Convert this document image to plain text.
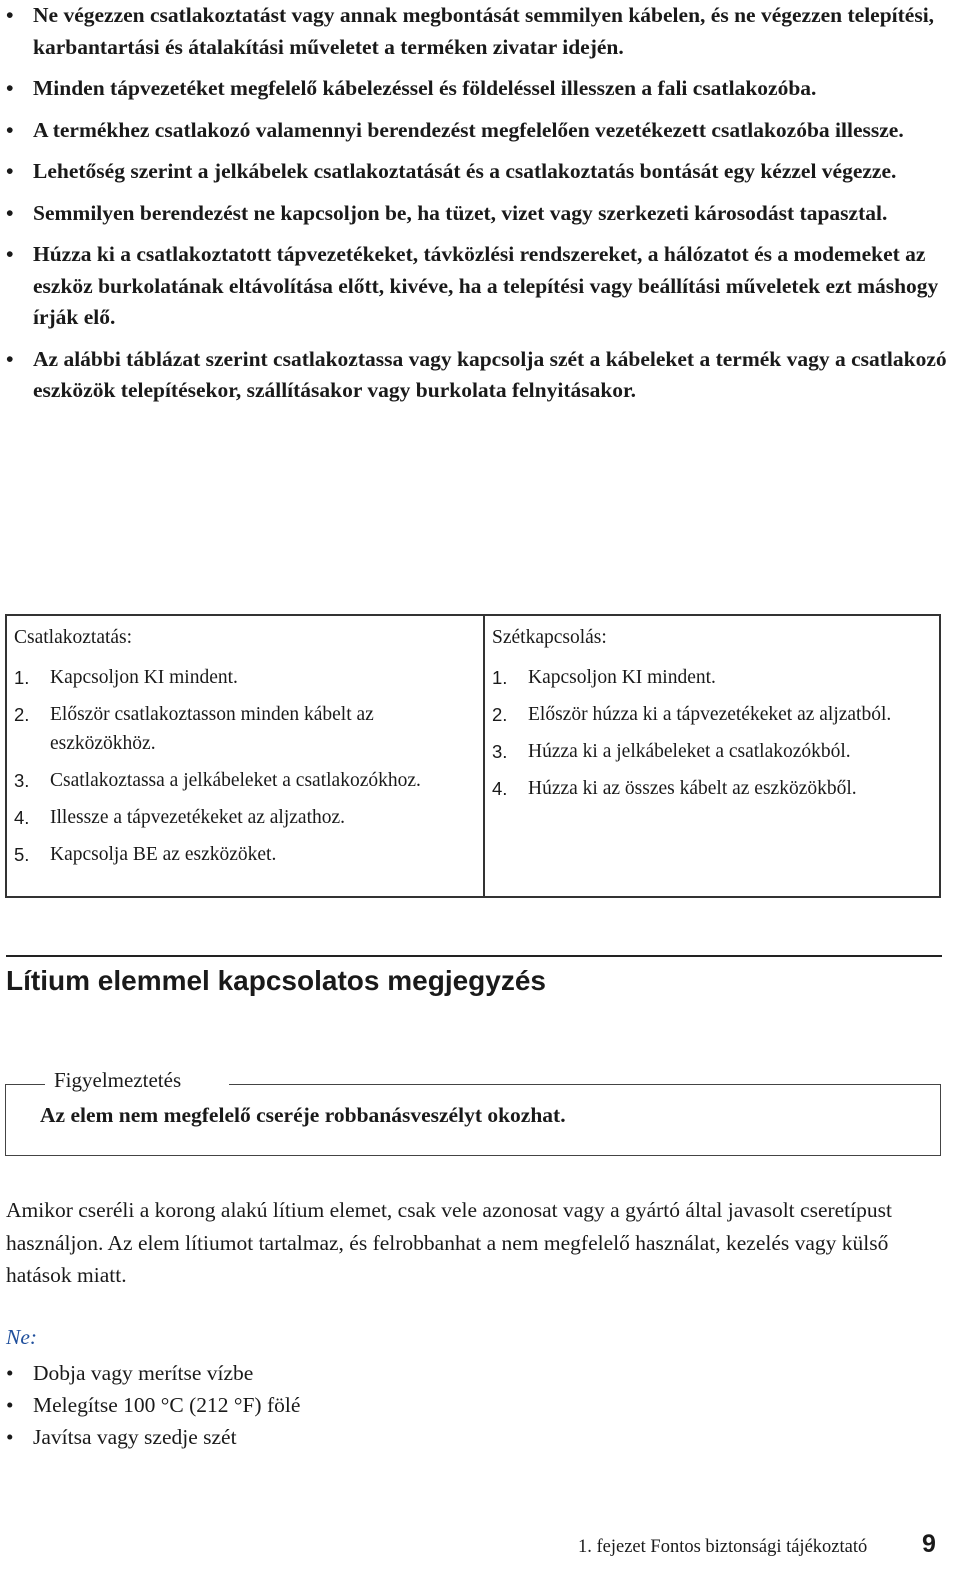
• Ne végezzen csatlakoztatást vagy annak megbontását semmilyen kábelen, és ne végezzen telepítési, karbantartási és átalakítási műveletet a terméken zivatar idején.
• Minden tápvezetéket megfelelő kábelezéssel és földeléssel illesszen a fali csatlakozóba.
• A termékhez csatlakozó valamennyi berendezést megfelelően vezetékezett csatlakozóba illessze.
• Lehetőség szerint a jelkábelek csatlakoztatását és a csatlakoztatás bontását egy kézzel végezze.
• Semmilyen berendezést ne kapcsoljon be, ha tüzet, vizet vagy szerkezeti károsodást tapasztal.
• Húzza ki a csatlakoztatott tápvezetékeket, távközlési rendszereket, a hálózatot és a modemeket az eszköz burkolatának eltávolítása előtt, kivéve, ha a telepítési vagy beállítási műveletek ezt máshogy írják elő.
• Az alábbi táblázat szerint csatlakoztassa vagy kapcsolja szét a kábeleket a termék vagy a csatlakozó eszközök telepítésekor, szállításakor vagy burkolata felnyitásakor.
Csatlakoztatás:
1. Kapcsoljon KI mindent.
2. Először csatlakoztasson minden kábelt az eszközökhöz.
3. Csatlakoztassa a jelkábeleket a csatlakozókhoz.
4. Illessze a tápvezetékeket az aljzathoz.
5. Kapcsolja BE az eszközöket.
Szétkapcsolás:
1. Kapcsoljon KI mindent.
2. Először húzza ki a tápvezetékeket az aljzatból.
3. Húzza ki a jelkábeleket a csatlakozókból.
4. Húzza ki az összes kábelt az eszközökből.
Lítium elemmel kapcsolatos megjegyzés
Figyelmeztetés
Az elem nem megfelelő cseréje robbanásveszélyt okozhat.
Amikor cseréli a korong alakú lítium elemet, csak vele azonosat vagy a gyártó által javasolt cseretípust használjon. Az elem lítiumot tartalmaz, és felrobbanhat a nem megfelelő használat, kezelés vagy külső hatások miatt.
Ne:
• Dobja vagy merítse vízbe
• Melegítse 100 °C (212 °F) fölé
• Javítsa vagy szedje szét
1. fejezet Fontos biztonsági tájékoztató 9
